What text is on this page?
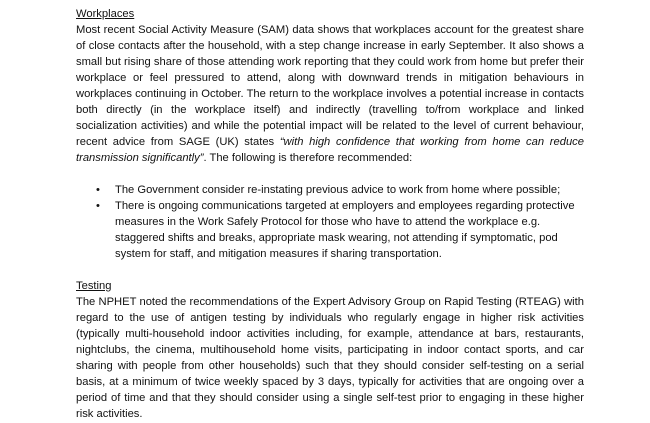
Workplaces

Most recent Social Activity Measure (SAM) data shows that workplaces account for the greatest share of close contacts after the household, with a step change increase in early September. It also shows a small but rising share of those attending work reporting that they could work from home but prefer their workplace or feel pressured to attend, along with downward trends in mitigation behaviours in workplaces continuing in October. The return to the workplace involves a potential increase in contacts both directly (in the workplace itself) and indirectly (travelling to/from workplace and linked socialization activities) and while the potential impact will be related to the level of current behaviour, recent advice from SAGE (UK) states “with high confidence that working from home can reduce transmission significantly”. The following is therefore recommended:

• The Government consider re-instating previous advice to work from home where possible;
• There is ongoing communications targeted at employers and employees regarding protective measures in the Work Safely Protocol for those who have to attend the workplace e.g. staggered shifts and breaks, appropriate mask wearing, not attending if symptomatic, pod system for staff, and mitigation measures if sharing transportation.
Testing

The NPHET noted the recommendations of the Expert Advisory Group on Rapid Testing (RTEAG) with regard to the use of antigen testing by individuals who regularly engage in higher risk activities (typically multi-household indoor activities including, for example, attendance at bars, restaurants, nightclubs, the cinema, multihousehold home visits, participating in indoor contact sports, and car sharing with people from other households) such that they should consider self-testing on a serial basis, at a minimum of twice weekly spaced by 3 days, typically for activities that are ongoing over a period of time and that they should consider using a single self-test prior to engaging in these higher risk activities.
